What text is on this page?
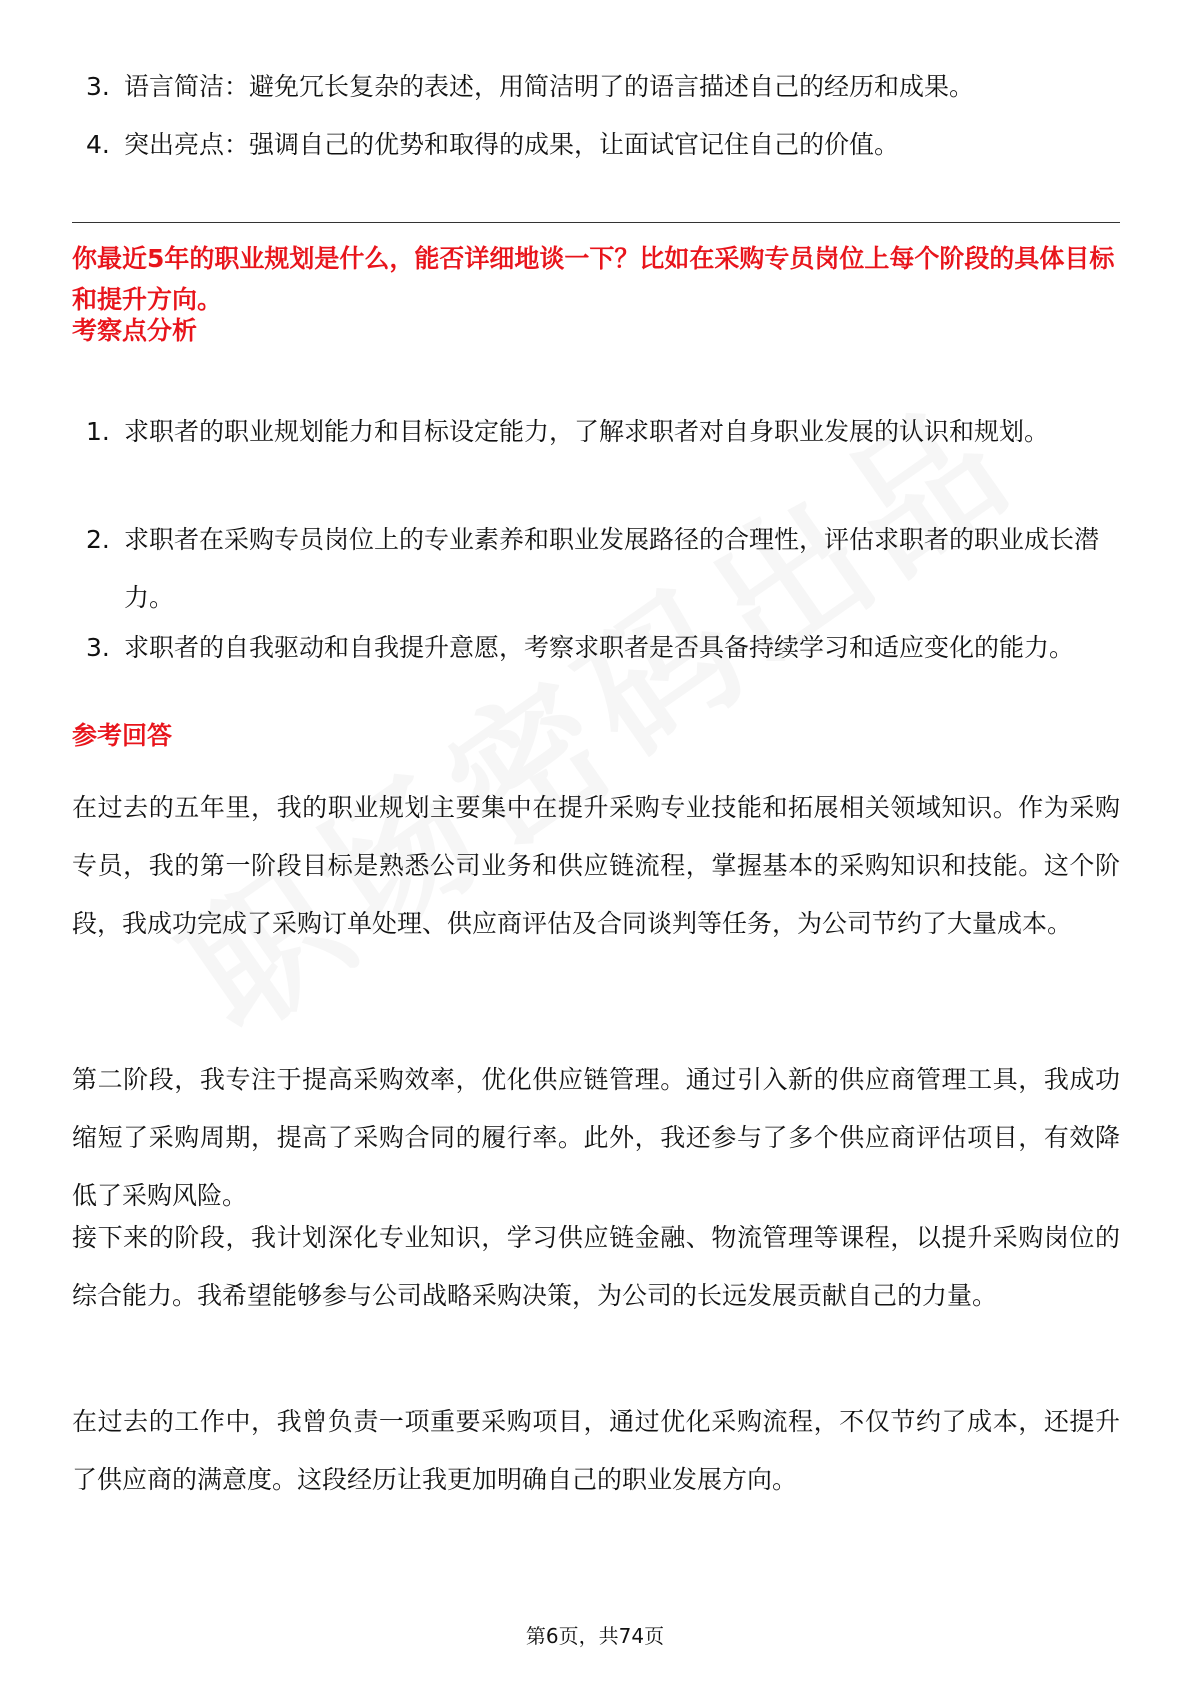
3. 语言简洁：避免冗长复杂的表述，用简洁明了的语言描述自己的经历和成果。
4. 突出亮点：强调自己的优势和取得的成果，让面试官记住自己的价值。

你最近5年的职业规划是什么，能否详细地谈一下？比如在采购专员岗位上每个阶段的具体目标和提升方向。

考察点分析
1. 求职者的职业规划能力和目标设定能力，了解求职者对自身职业发展的认识和规划。
2. 求职者在采购专员岗位上的专业素养和职业发展路径的合理性，评估求职者的职业成长潜力。
3. 求职者的自我驱动和自我提升意愿，考察求职者是否具备持续学习和适应变化的能力。
参考回答

在过去的五年里，我的职业规划主要集中在提升采购专业技能和拓展相关领域知识。作为采购专员，我的第一阶段目标是熟悉公司业务和供应链流程，掌握基本的采购知识和技能。这个阶段，我成功完成了采购订单处理、供应商评估及合同谈判等任务，为公司节约了大量成本。

第二阶段，我专注于提高采购效率，优化供应链管理。通过引入新的供应商管理工具，我成功缩短了采购周期，提高了采购合同的履行率。此外，我还参与了多个供应商评估项目，有效降低了采购风险。

接下来的阶段，我计划深化专业知识，学习供应链金融、物流管理等课程，以提升采购岗位的综合能力。我希望能够参与公司战略采购决策，为公司的长远发展贡献自己的力量。

在过去的工作中，我曾负责一项重要采购项目，通过优化采购流程，不仅节约了成本，还提升了供应商的满意度。这段经历让我更加明确自己的职业发展方向。

第6页，共74页
